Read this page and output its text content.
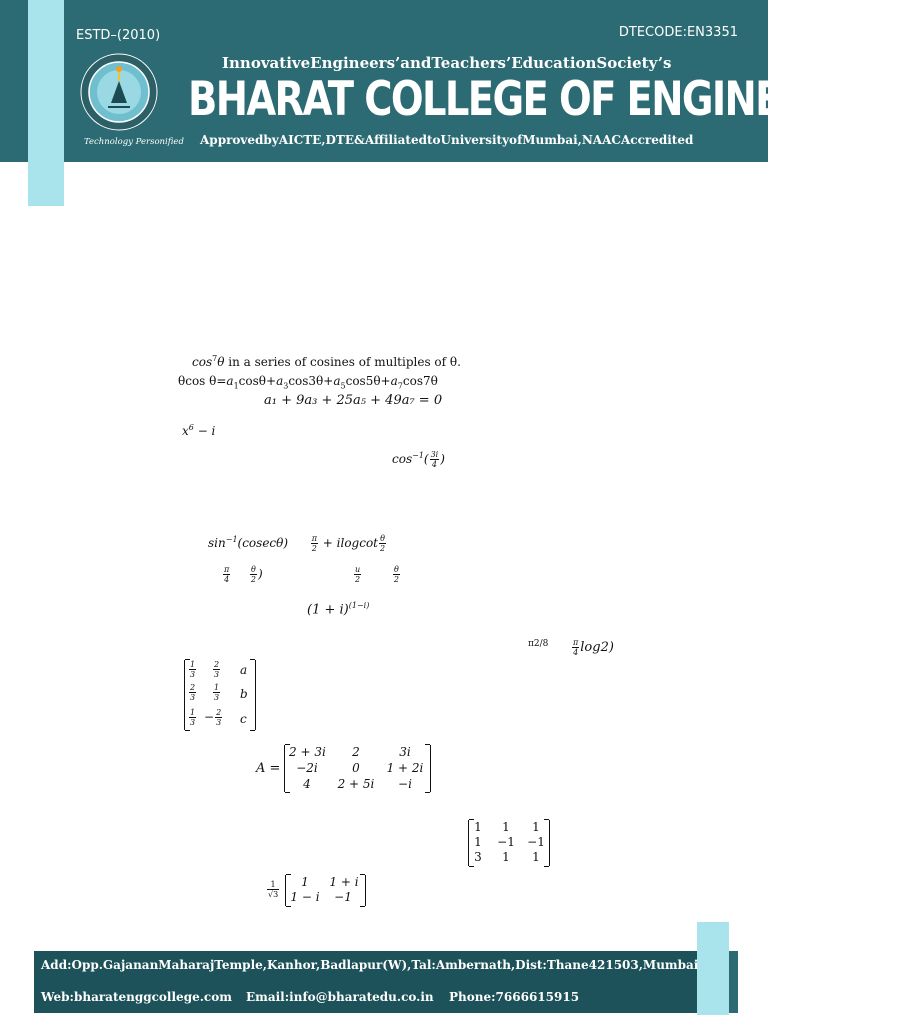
ESTD–(2010)	DTECODE:EN3351
Technology Personified
InnovativeEngineers’andTeachers’EducationSociety’s
BHARAT COLLEGE OF ENGINEERING
ApprovedbyAICTE,DTE&AffiliatedtoUniversityofMumbai,NAACAccredited
$\cos^7\theta$ in a series of cosines of multiples of θ.
θcos $\theta=a_1\cos\theta+a_3\cos 3\theta+a_5\cos 5\theta+a_7\cos 7\theta$
a₁ + 9a₃ + 25a₅ + 49a₇ = 0
$x^6 - i$
$\cos^{-1}( \frac{3i}{4}$ )
$\sin^{-1}(cosec\theta)$	$\frac{\pi}{2}$ + ilogcot $\frac{\theta}{2}$
$\frac{\pi}{4}$
$\frac{\theta}{2}$ )	$\frac{u}{2}$
	$\frac{\theta}{2}$
$(1 + i)^{(1-i)}$
π2/8	$\frac{\pi}{4} \log 2$)
$\frac{1}{3} \frac{2}{3}$ a
$\frac{2}{3} \frac{1}{3}$ b
$\frac{1}{3} - \frac{2}{3}$ c
A =
2 + 3i	2	3i
−2i	0	1 + 2i
4	2 + 5i	−i
1	1	1
1 −1 −1
3	1	1
$\frac{1}{√3}$	1	1 + i
1 − i	−1
Add:Opp.GajananMaharajTemple,Kanhor,Badlapur(W),Tal:Ambernath,Dist:Thane421503,Mumbai
Web:bharatenggcollege.com Email:info@bharatedu.co.in Phone:7666615915
